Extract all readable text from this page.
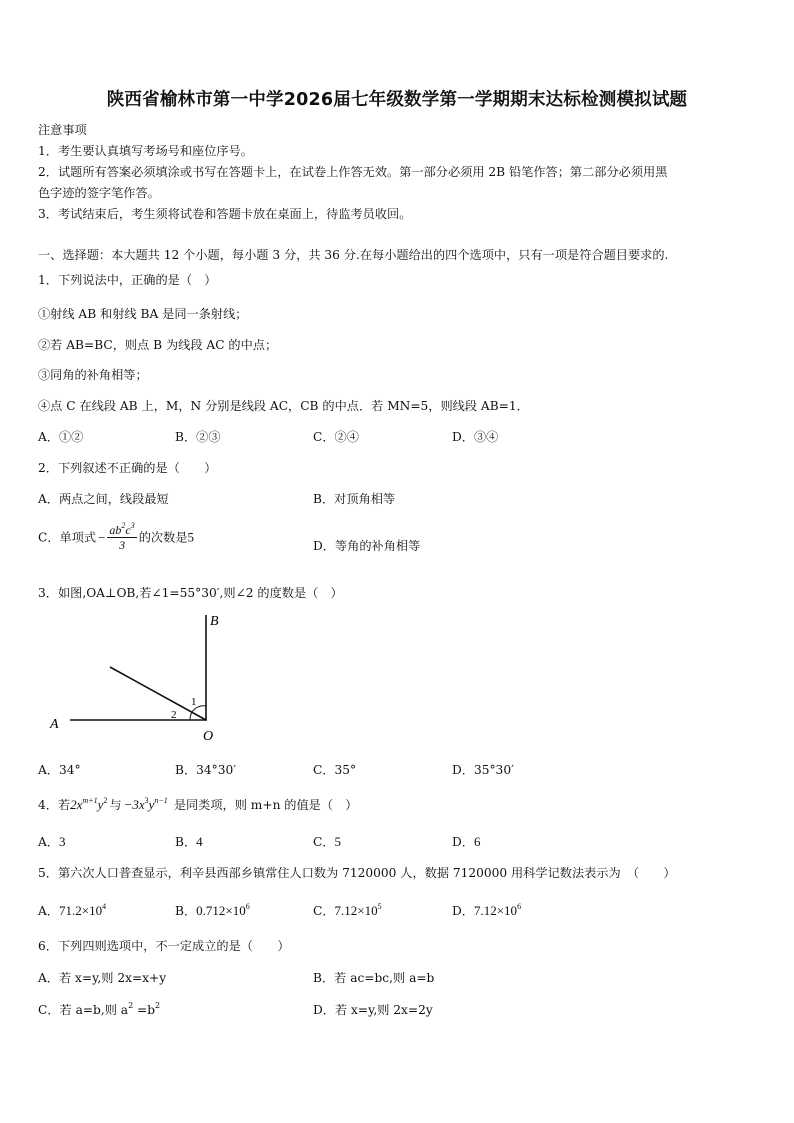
陕西省榆林市第一中学2026届七年级数学第一学期期末达标检测模拟试题
注意事项
1．考生要认真填写考场号和座位序号。
2．试题所有答案必须填涂或书写在答题卡上，在试卷上作答无效。第一部分必须用 2B 铅笔作答；第二部分必须用黑
色字迹的签字笔作答。
3．考试结束后，考生须将试卷和答题卡放在桌面上，待监考员收回。
一、选择题：本大题共 12 个小题，每小题 3 分，共 36 分.在每小题给出的四个选项中，只有一项是符合题目要求的.
1．下列说法中，正确的是（　）
①射线 AB 和射线 BA 是同一条射线；
②若 AB=BC，则点 B 为线段 AC 的中点；
③同角的补角相等；
④点 C 在线段 AB 上，M，N 分别是线段 AC，CB 的中点．若 MN=5，则线段 AB=1．
A．①②	B．②③	C．②④	D．③④
2．下列叙述不正确的是（　　）
A．两点之间，线段最短	B．对顶角相等
C．单项式 − $\frac{ab^2c^3}{3}$ 的次数是5
D．等角的补角相等
3．如图,OA⊥OB,若∠1=55°30′,则∠2 的度数是（　）
B
A
O
1
2
A．34°	B．34°30′	C．35°	D．35°30′
4．若$2x^{m+1}y^2$ 与 $-3x^3y^{n-1}$ 是同类项，则 m+n 的值是（　）
A．3	B．4	C．5	D．6
5．第六次人口普查显示，利辛县西部乡镇常住人口数为 7120000 人，数据 7120000 用科学记数法表示为　（　　）
A．$71.2\times 10^4$	B．$0.712\times 10^6$	C．$7.12\times 10^5$	D．$7.12\times 10^6$
6．下列四则选项中，不一定成立的是（　　）
A．若 x=y,则 2x=x+y	B．若 ac=bc,则 a=b
C．若 a=b,则 $a^2 =b^2$	D．若 x=y,则 2x=2y
